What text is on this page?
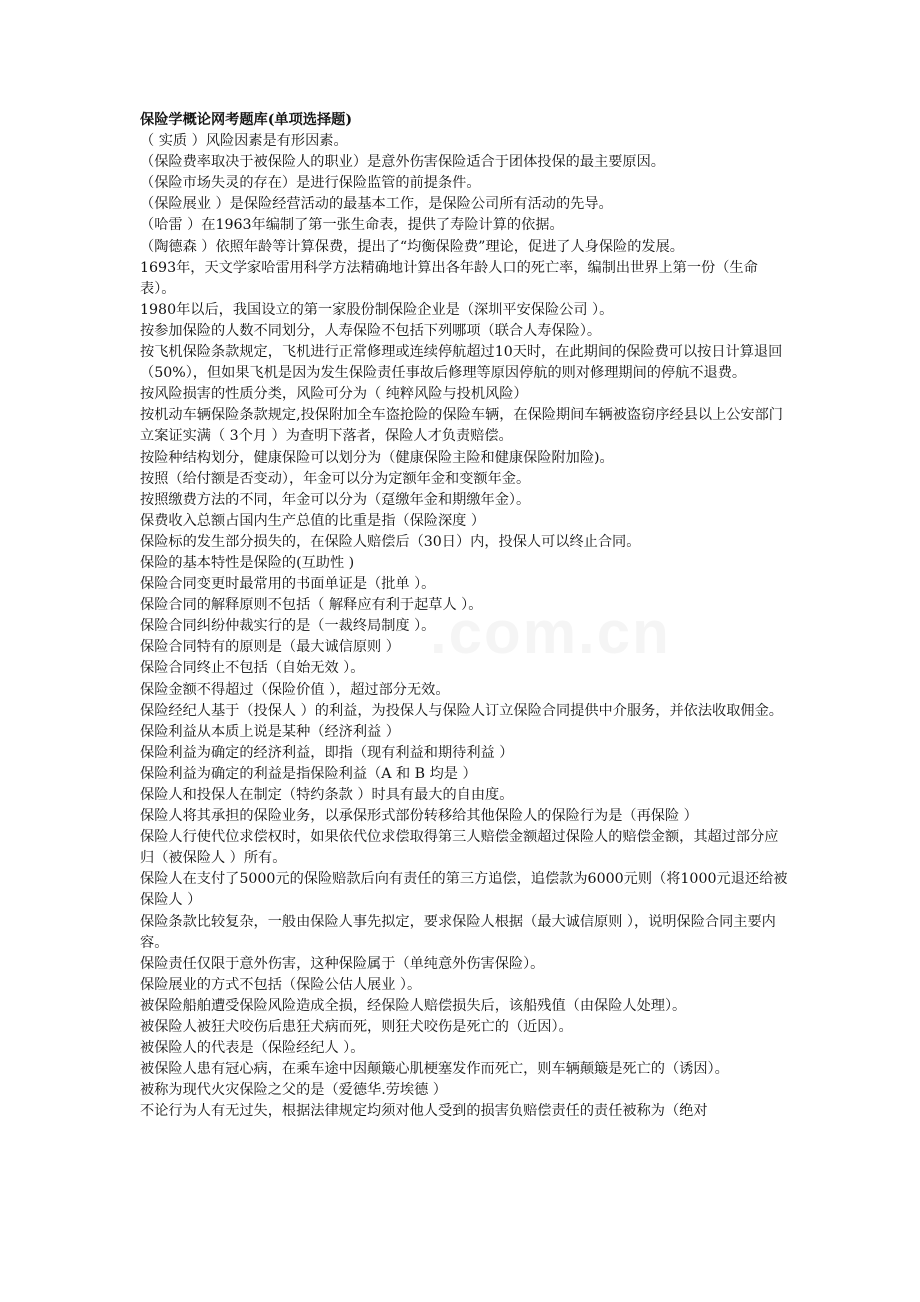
.com.cn

保险学概论网考题库(单项选择题)

（ 实质 ）风险因素是有形因素。

（保险费率取决于被保险人的职业）是意外伤害保险适合于团体投保的最主要原因。

（保险市场失灵的存在）是进行保险监管的前提条件。

（保险展业 ）是保险经营活动的最基本工作，是保险公司所有活动的先导。

（哈雷 ）在1963年编制了第一张生命表，提供了寿险计算的依据。

（陶德森 ）依照年龄等计算保费，提出了“均衡保险费”理论，促进了人身保险的发展。

1693年，天文学家哈雷用科学方法精确地计算出各年龄人口的死亡率，编制出世界上第一份（生命表）。

1980年以后，我国设立的第一家股份制保险企业是（深圳平安保险公司 ）。

按参加保险的人数不同划分，人寿保险不包括下列哪项（联合人寿保险）。

按飞机保险条款规定，飞机进行正常修理或连续停航超过10天时，在此期间的保险费可以按日计算退回（50%），但如果飞机是因为发生保险责任事故后修理等原因停航的则对修理期间的停航不退费。

按风险损害的性质分类，风险可分为（ 纯粹风险与投机风险）

按机动车辆保险条款规定,投保附加全车盗抢险的保险车辆，在保险期间车辆被盗窃序经县以上公安部门立案证实满（ 3个月 ）为查明下落者，保险人才负责赔偿。

按险种结构划分，健康保险可以划分为（健康保险主险和健康保险附加险)。

按照（给付额是否变动），年金可以分为定额年金和变额年金。

按照缴费方法的不同，年金可以分为（趸缴年金和期缴年金）。

保费收入总额占国内生产总值的比重是指（保险深度 ）

保险标的发生部分损失的，在保险人赔偿后（30日）内，投保人可以终止合同。

保险的基本特性是保险的(互助性 )

保险合同变更时最常用的书面单证是（批单 ）。

保险合同的解释原则不包括（ 解释应有利于起草人 ）。

保险合同纠纷仲裁实行的是（一裁终局制度 ）。

保险合同特有的原则是（最大诚信原则 ）

保险合同终止不包括（自始无效 ）。

保险金额不得超过（保险价值 ），超过部分无效。

保险经纪人基于（投保人 ）的利益，为投保人与保险人订立保险合同提供中介服务，并依法收取佣金。

保险利益从本质上说是某种（经济利益 ）

保险利益为确定的经济利益，即指（现有利益和期待利益 ）

保险利益为确定的利益是指保险利益（A 和 B 均是 ）

保险人和投保人在制定（特约条款 ）时具有最大的自由度。

保险人将其承担的保险业务，以承保形式部份转移给其他保险人的保险行为是（再保险 ）

保险人行使代位求偿权时，如果依代位求偿取得第三人赔偿金额超过保险人的赔偿金额，其超过部分应归（被保险人 ）所有。

保险人在支付了5000元的保险赔款后向有责任的第三方追偿，追偿款为6000元则（将1000元退还给被保险人 ）

保险条款比较复杂，一般由保险人事先拟定，要求保险人根据（最大诚信原则 ），说明保险合同主要内容。

保险责任仅限于意外伤害，这种保险属于（单纯意外伤害保险）。

保险展业的方式不包括（保险公估人展业 ）。

被保险船舶遭受保险风险造成全损，经保险人赔偿损失后，该船残值（由保险人处理）。

被保险人被狂犬咬伤后患狂犬病而死，则狂犬咬伤是死亡的（近因）。

被保险人的代表是（保险经纪人 ）。

被保险人患有冠心病，在乘车途中因颠簸心肌梗塞发作而死亡，则车辆颠簸是死亡的（诱因）。

被称为现代火灾保险之父的是（爱德华.劳埃德 ）

不论行为人有无过失，根据法律规定均须对他人受到的损害负赔偿责任的责任被称为（绝对
